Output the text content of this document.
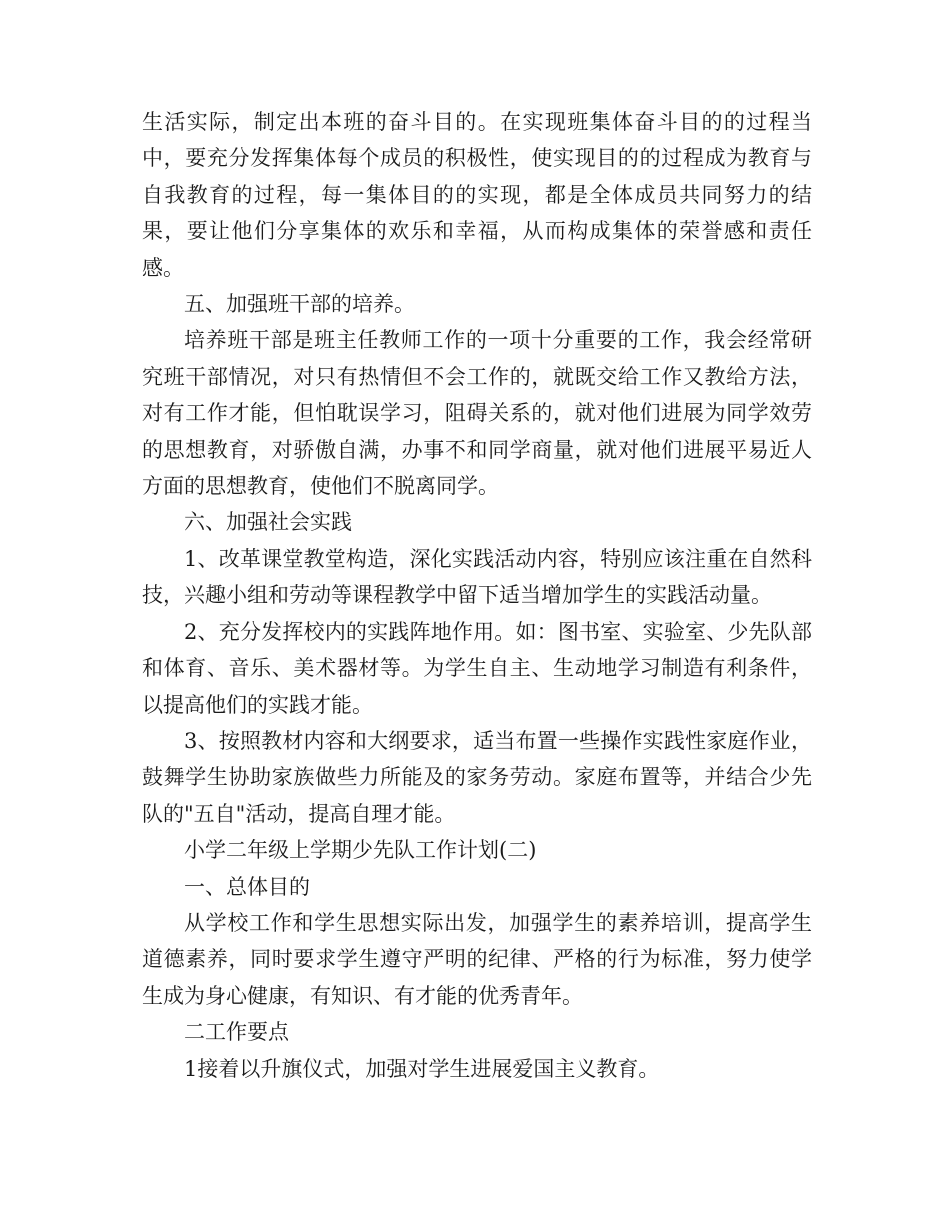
生活实际，制定出本班的奋斗目的。在实现班集体奋斗目的的过程当中，要充分发挥集体每个成员的积极性，使实现目的的过程成为教育与自我教育的过程，每一集体目的的实现，都是全体成员共同努力的结果，要让他们分享集体的欢乐和幸福，从而构成集体的荣誉感和责任感。

五、加强班干部的培养。

培养班干部是班主任教师工作的一项十分重要的工作，我会经常研究班干部情况，对只有热情但不会工作的，就既交给工作又教给方法，对有工作才能，但怕耽误学习，阻碍关系的，就对他们进展为同学效劳的思想教育，对骄傲自满，办事不和同学商量，就对他们进展平易近人方面的思想教育，使他们不脱离同学。

六、加强社会实践

1、改革课堂教堂构造，深化实践活动内容，特别应该注重在自然科技，兴趣小组和劳动等课程教学中留下适当增加学生的实践活动量。

2、充分发挥校内的实践阵地作用。如：图书室、实验室、少先队部和体育、音乐、美术器材等。为学生自主、生动地学习制造有利条件，以提高他们的实践才能。

3、按照教材内容和大纲要求，适当布置一些操作实践性家庭作业，鼓舞学生协助家族做些力所能及的家务劳动。家庭布置等，并结合少先队的"五自"活动，提高自理才能。

小学二年级上学期少先队工作计划(二)

一、总体目的

从学校工作和学生思想实际出发，加强学生的素养培训，提高学生道德素养，同时要求学生遵守严明的纪律、严格的行为标准，努力使学生成为身心健康，有知识、有才能的优秀青年。

二工作要点

1接着以升旗仪式，加强对学生进展爱国主义教育。
